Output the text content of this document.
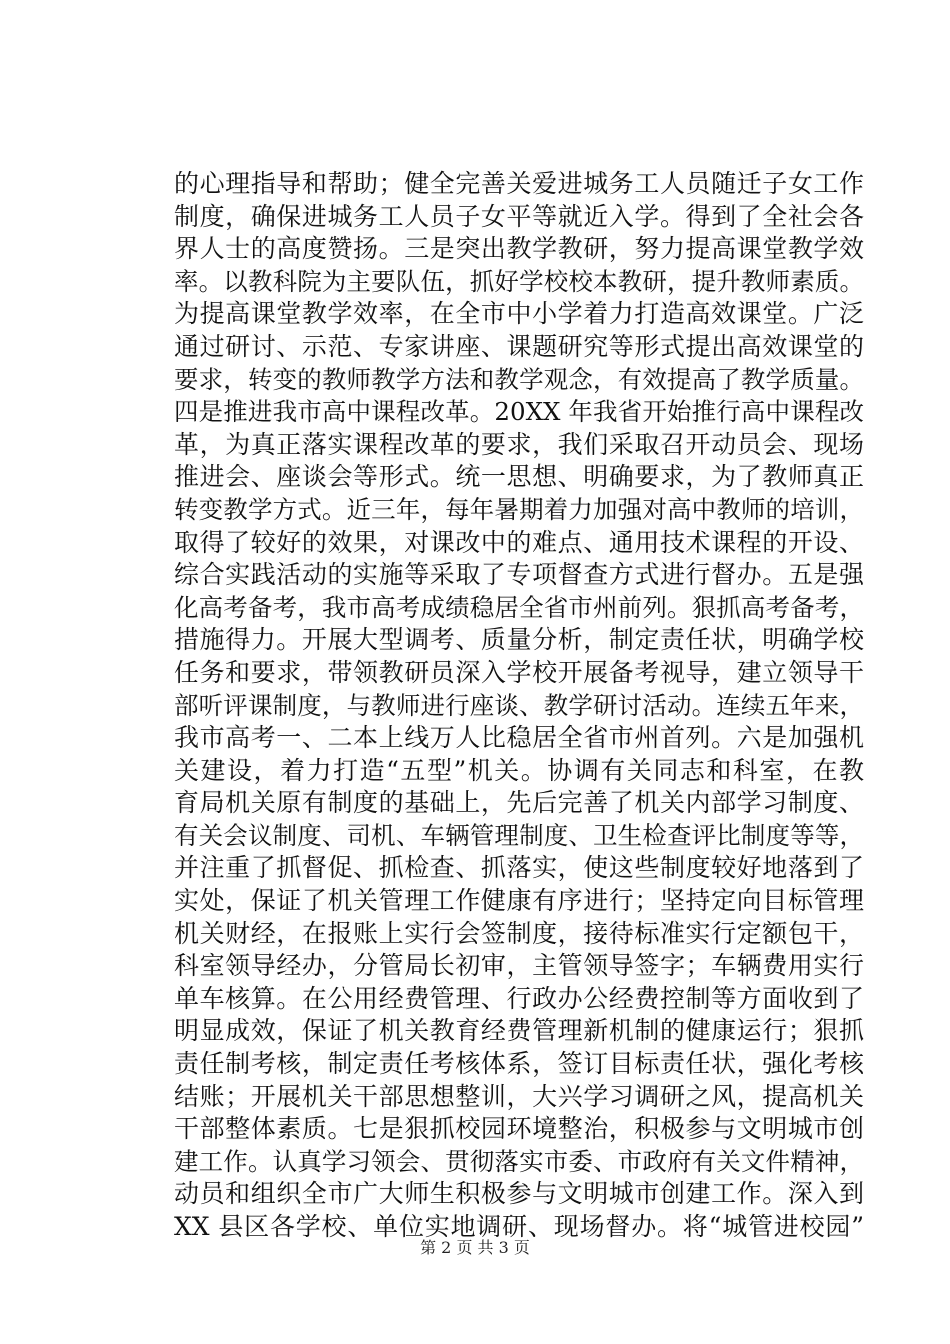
的心理指导和帮助；健全完善关爱进城务工人员随迁子女工作
制度，确保进城务工人员子女平等就近入学。得到了全社会各
界人士的高度赞扬。三是突出教学教研，努力提高课堂教学效
率。以教科院为主要队伍，抓好学校校本教研，提升教师素质。
为提高课堂教学效率，在全市中小学着力打造高效课堂。广泛
通过研讨、示范、专家讲座、课题研究等形式提出高效课堂的
要求，转变的教师教学方法和教学观念，有效提高了教学质量。
四是推进我市高中课程改革。20XX 年我省开始推行高中课程改
革，为真正落实课程改革的要求，我们采取召开动员会、现场
推进会、座谈会等形式。统一思想、明确要求，为了教师真正
转变教学方式。近三年，每年暑期着力加强对高中教师的培训，
取得了较好的效果，对课改中的难点、通用技术课程的开设、
综合实践活动的实施等采取了专项督查方式进行督办。五是强
化高考备考，我市高考成绩稳居全省市州前列。狠抓高考备考，
措施得力。开展大型调考、质量分析，制定责任状，明确学校
任务和要求，带领教研员深入学校开展备考视导，建立领导干
部听评课制度，与教师进行座谈、教学研讨活动。连续五年来，
我市高考一、二本上线万人比稳居全省市州首列。六是加强机
关建设，着力打造“五型”机关。协调有关同志和科室，在教
育局机关原有制度的基础上，先后完善了机关内部学习制度、
有关会议制度、司机、车辆管理制度、卫生检查评比制度等等，
并注重了抓督促、抓检查、抓落实，使这些制度较好地落到了
实处，保证了机关管理工作健康有序进行；坚持定向目标管理
机关财经，在报账上实行会签制度，接待标准实行定额包干，
科室领导经办，分管局长初审，主管领导签字；车辆费用实行
单车核算。在公用经费管理、行政办公经费控制等方面收到了
明显成效，保证了机关教育经费管理新机制的健康运行；狠抓
责任制考核，制定责任考核体系，签订目标责任状，强化考核
结账；开展机关干部思想整训，大兴学习调研之风，提高机关
干部整体素质。七是狠抓校园环境整治，积极参与文明城市创
建工作。认真学习领会、贯彻落实市委、市政府有关文件精神，
动员和组织全市广大师生积极参与文明城市创建工作。深入到
XX 县区各学校、单位实地调研、现场督办。将“城管进校园”
第 2 页 共 3 页
